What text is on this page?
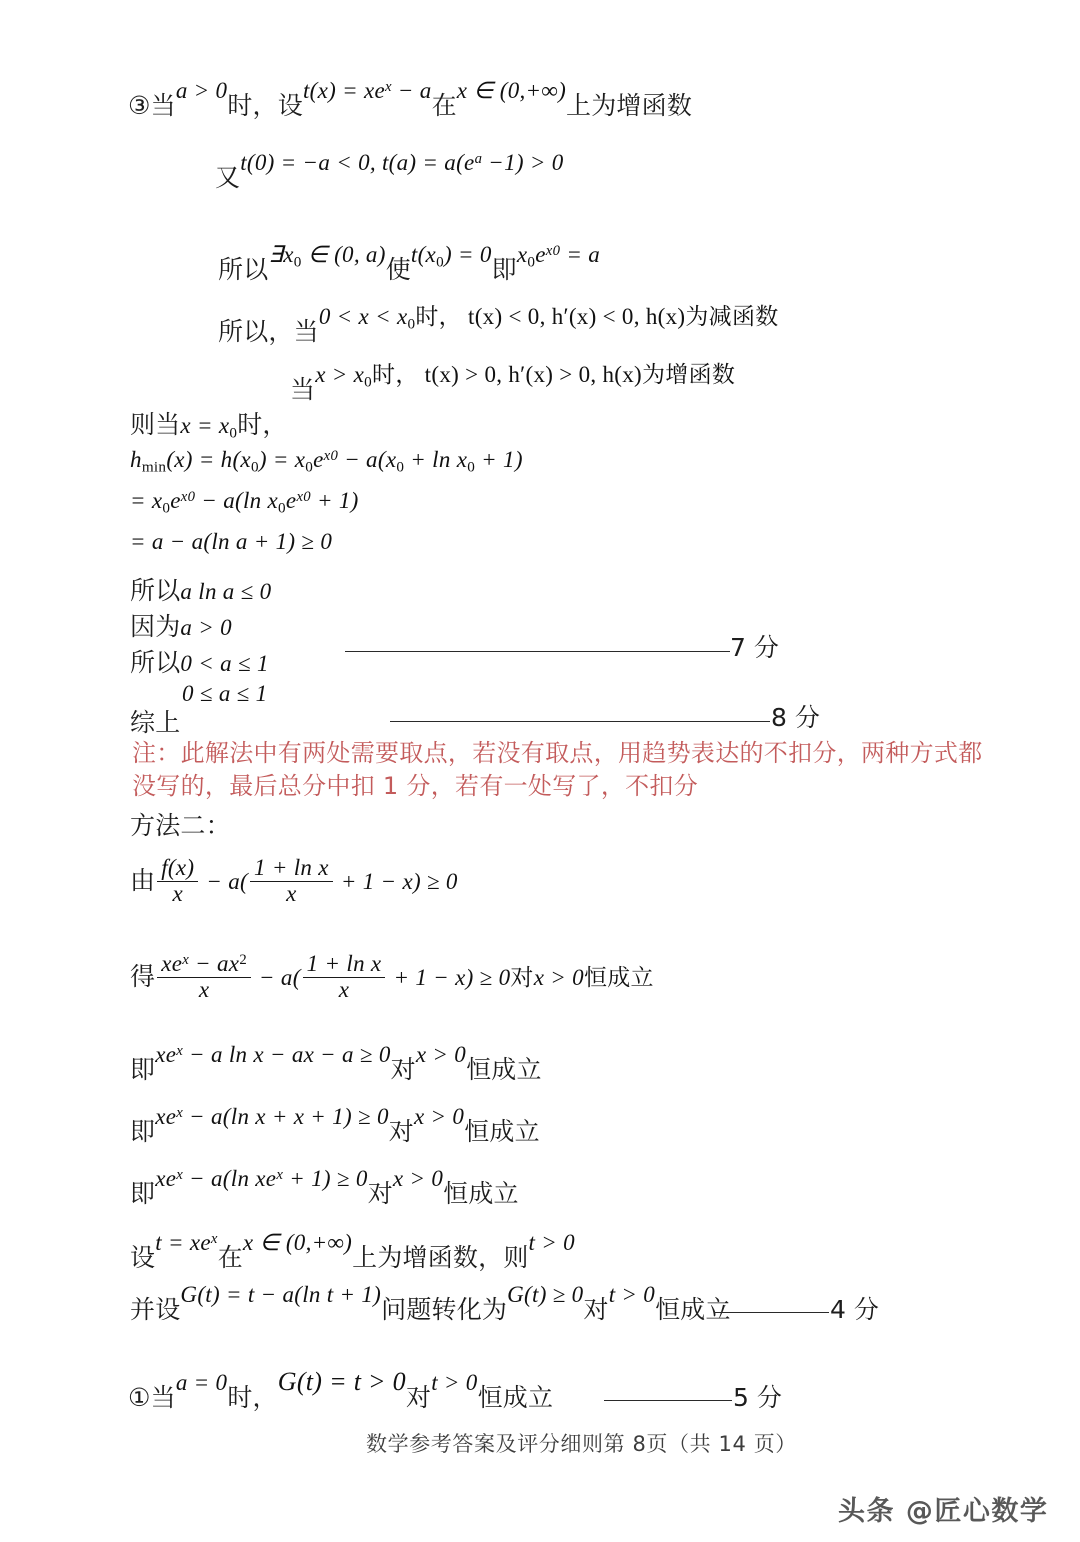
③当a > 0时，设$t(x) = xe^x - a$在x ∈ (0,+∞)上为增函数
又t(0) = −a < 0, $t(a) = a(e^a -1) > 0$
所以$\exists x_0$ ∈ (0, a)使$t(x_0) = 0$即$x_0e^{x0} = a$
所以，当$0 < x < x_0$时， t(x) < 0, h′(x) < 0, h(x)为减函数
当$x > x_0$时， t(x) > 0, h′(x) > 0, h(x)为增函数
则当$x = x_0$时，
$h_{min}(x) = h(x_0) = x_0e^{x0} - a(x_0 + \ln x_0 + 1)$
= $x_0e^{x0} - a(\ln$ $x_0e^{x0} + 1$)
= a − a(ln a + 1) ≥ 0
所以a ln a ≤ 0
因为a > 0
所以0 < a ≤ 1
7 分
0 ≤ a ≤ 1
综上	8 分
注：此解法中有两处需要取点，若没有取点，用趋势表达的不扣分，两种方式都
没写的，最后总分中扣 1 分，若有一处写了，不扣分
方法二：
由 $\frac{f(x)}{x} - a( \frac{\text{1 + ln x}}{x} + 1 - x) \ge 0$
得 $\frac{xe^x - ax^2}{x} - a( \frac{\text{1 + ln x}}{x} + 1 - x) \ge 0$对x > 0恒成立
即$xe^x - a$ ln x − ax − a ≥ 0对x > 0恒成立
即$xe^x - a(\ln$ x + x + 1) ≥ 0对x > 0恒成立
即$xe^x - a(\ln$ $xe^x + 1) \ge 0$对x > 0恒成立
设$t = xe^x$在x ∈ (0,+∞)上为增函数，则t > 0
并设G(t) = t − a(ln t + 1)问题转化为G(t) ≥ 0对t > 0恒成立	4 分
①当a = 0时，G(t) = t > 0对t > 0恒成立	5 分
数学参考答案及评分细则第 8页（共 14 页）
头条 @匠心数学
